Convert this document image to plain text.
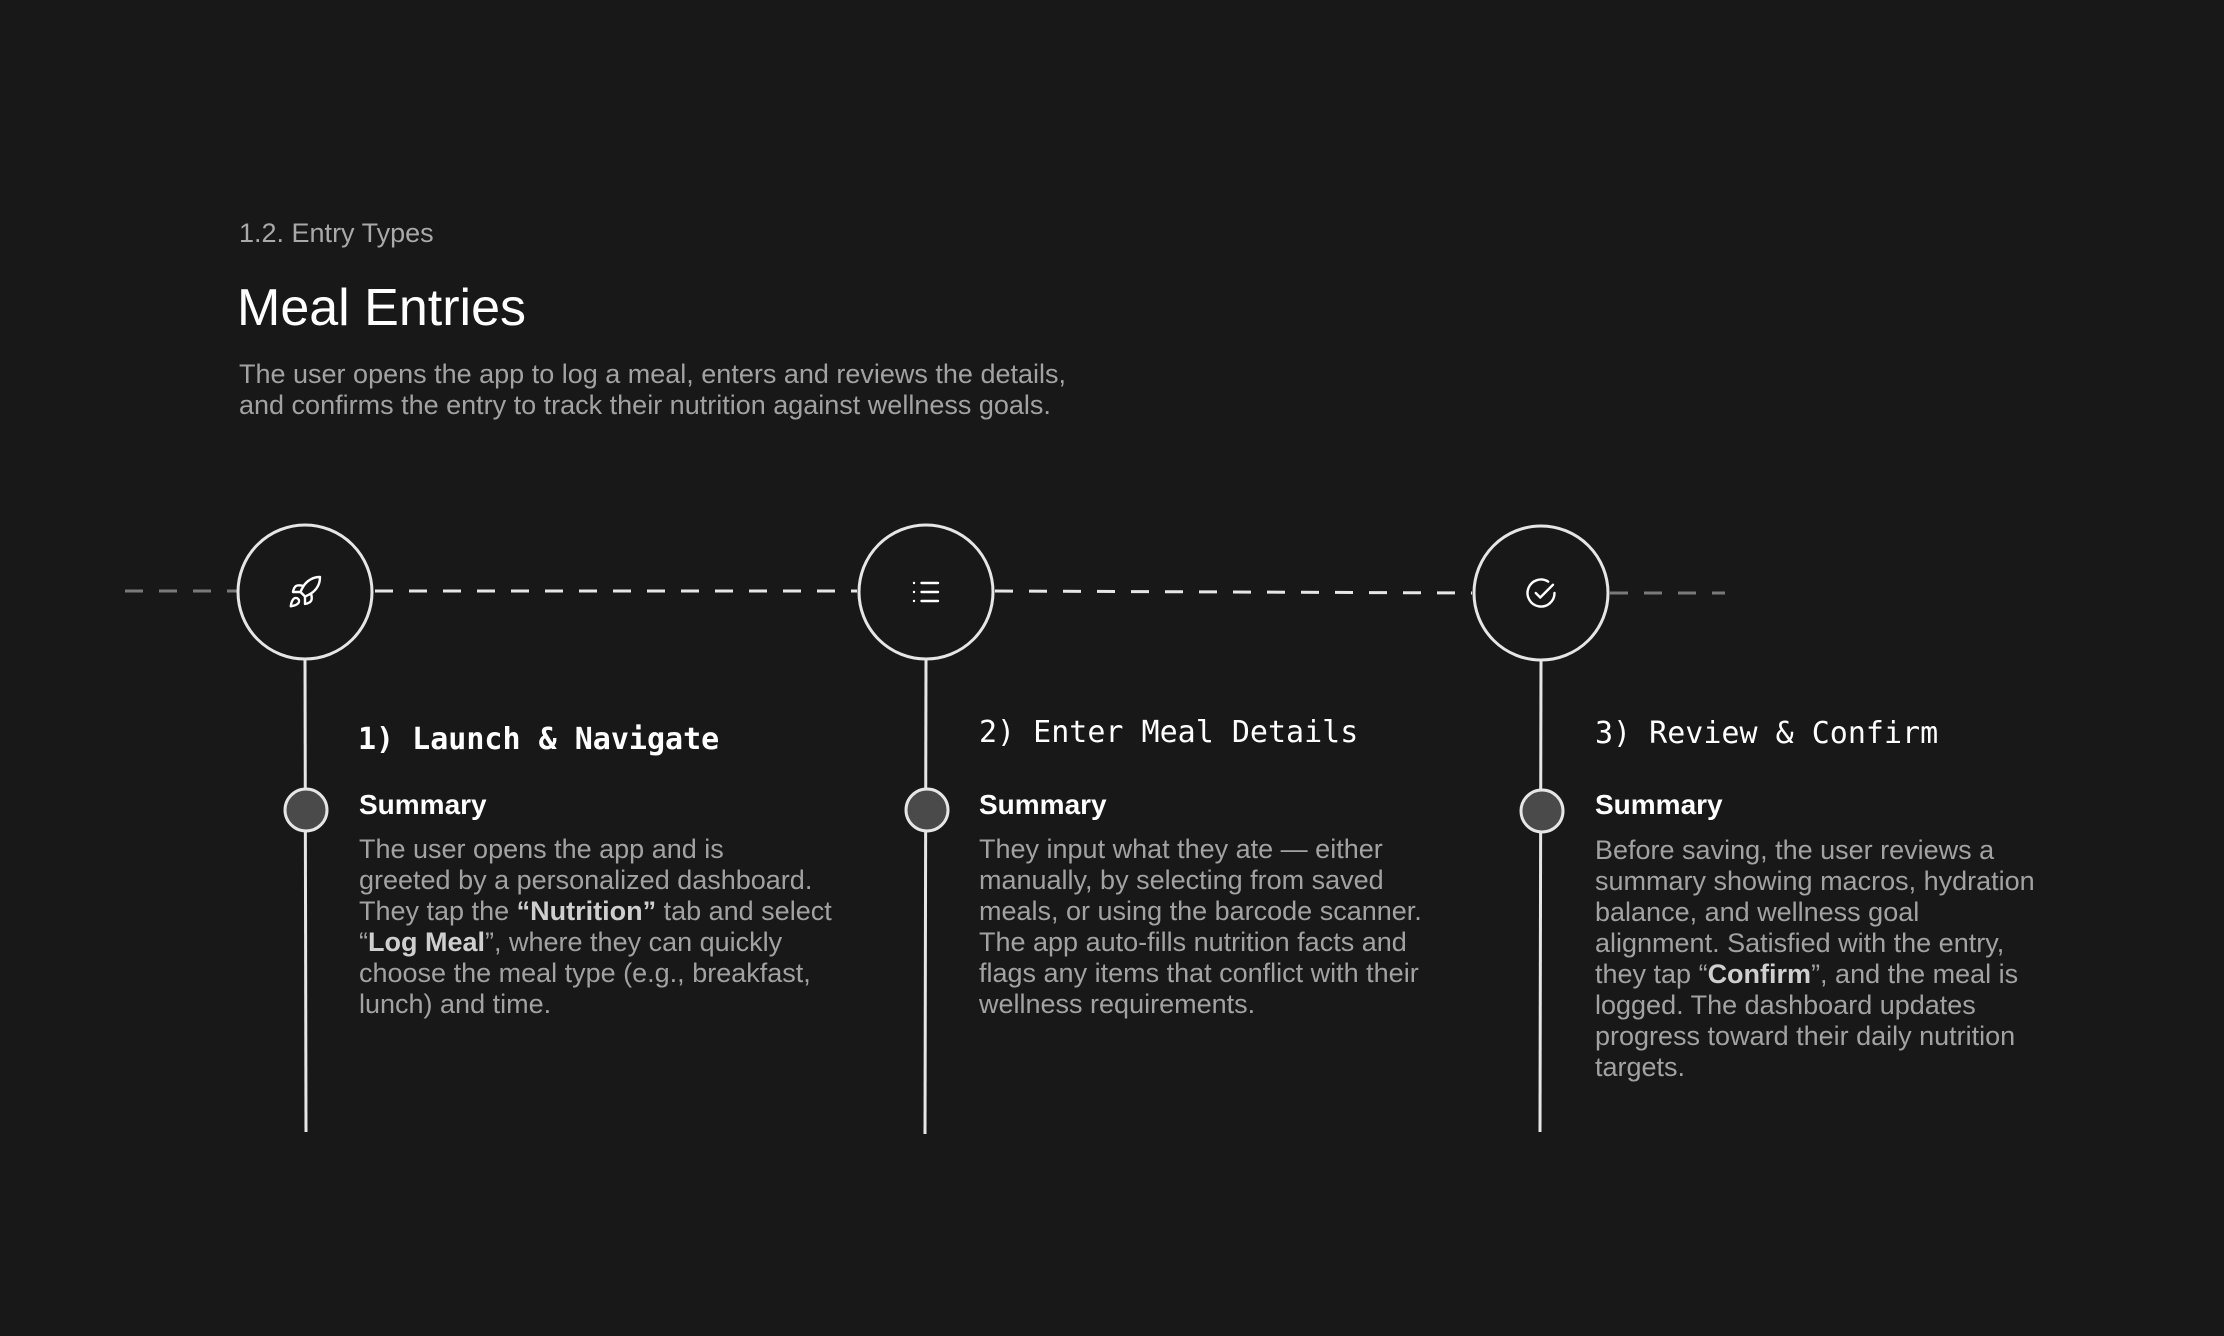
1.2. Entry Types
Meal Entries
The user opens the app to log a meal, enters and reviews the details,
and confirms the entry to track their nutrition against wellness goals.
1) Launch & Navigate
Summary
The user opens the app and is
greeted by a personalized dashboard.
They tap the “Nutrition” tab and select
“Log Meal”, where they can quickly
choose the meal type (e.g., breakfast,
lunch) and time.
2) Enter Meal Details
Summary
They input what they ate — either
manually, by selecting from saved
meals, or using the barcode scanner.
The app auto-fills nutrition facts and
flags any items that conflict with their
wellness requirements.
3) Review & Confirm
Summary
Before saving, the user reviews a
summary showing macros, hydration
balance, and wellness goal
alignment. Satisfied with the entry,
they tap “Confirm”, and the meal is
logged. The dashboard updates
progress toward their daily nutrition
targets.
